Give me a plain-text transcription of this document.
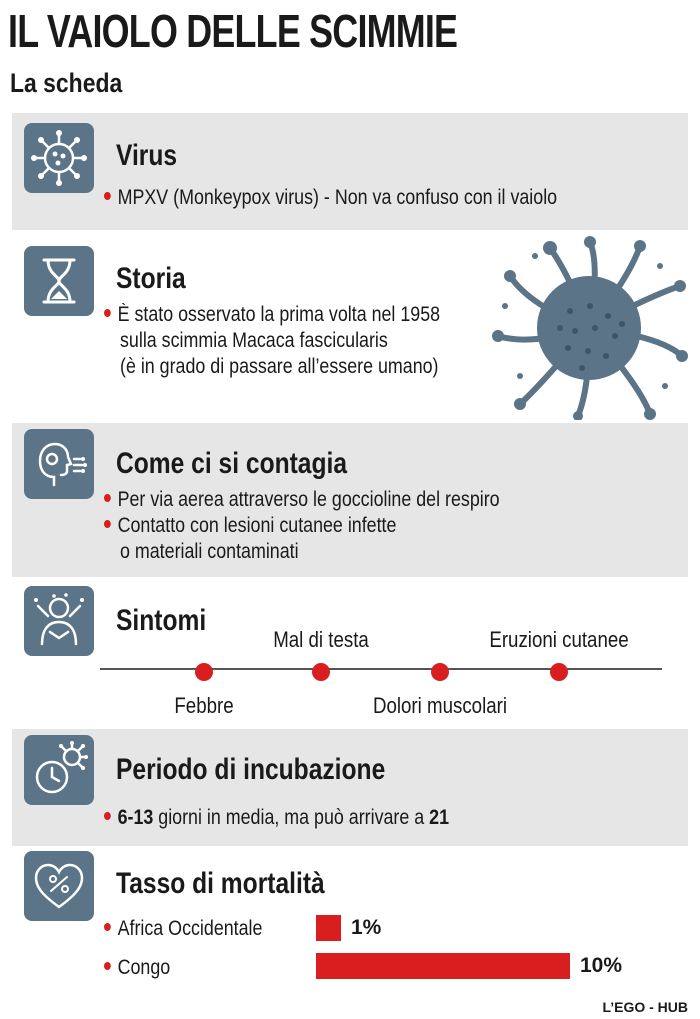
IL VAIOLO DELLE SCIMMIE
La scheda
Virus
MPXV (Monkeypox virus) - Non va confuso con il vaiolo
Storia
È stato osservato la prima volta nel 1958
sulla scimmia Macaca fascicularis
(è in grado di passare all’essere umano)
Come ci si contagia
Per via aerea attraverso le goccioline del respiro
Contatto con lesioni cutanee infette
o materiali contaminati
Sintomi
Febbre
Mal di testa
Dolori muscolari
Eruzioni cutanee
Periodo di incubazione
6-13 giorni in media, ma può arrivare a 21
Tasso di mortalità
Africa Occidentale	1%
Congo	10%
L’EGO - HUB
